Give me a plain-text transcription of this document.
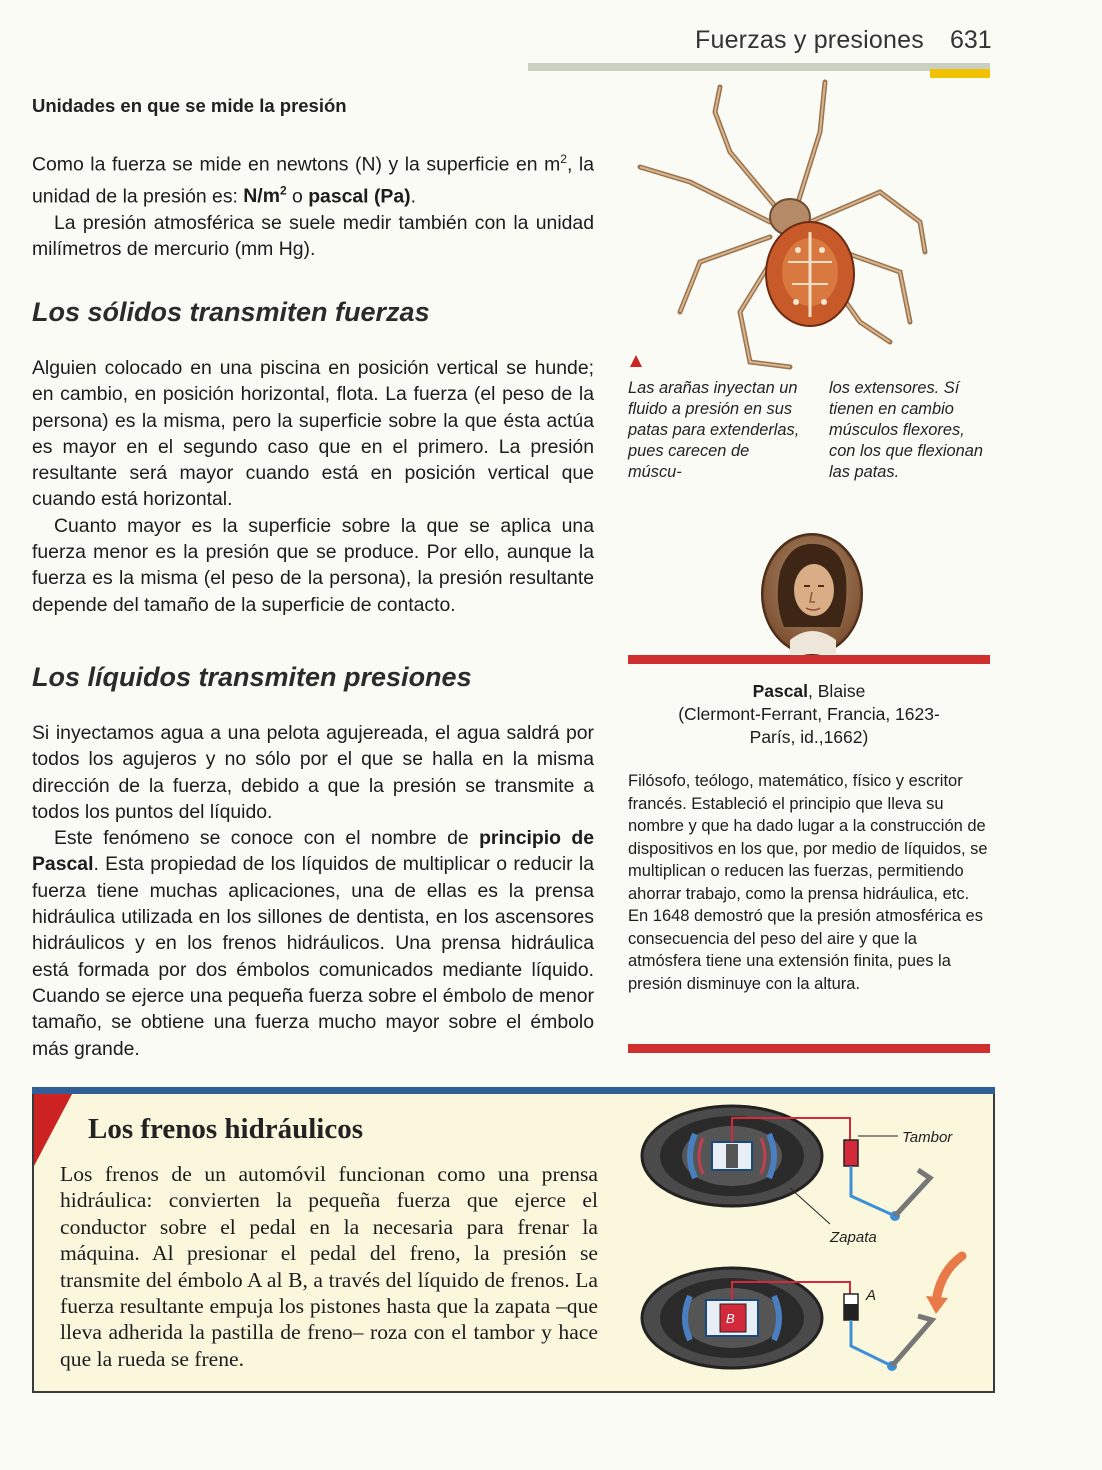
Fuerzas y presiones 631
Unidades en que se mide la presión

Como la fuerza se mide en newtons (N) y la superficie en $m^2$, la unidad de la presión es: $N/m^2$ o pascal (Pa).

La presión atmosférica se suele medir también con la unidad milímetros de mercurio (mm Hg).

Los sólidos transmiten fuerzas

Alguien colocado en una piscina en posición vertical se hunde; en cambio, en posición horizontal, flota. La fuerza (el peso de la persona) es la misma, pero la superficie sobre la que ésta actúa es mayor en el segundo caso que en el primero. La presión resultante será mayor cuando está en posición vertical que cuando está horizontal.

Cuanto mayor es la superficie sobre la que se aplica una fuerza menor es la presión que se produce. Por ello, aunque la fuerza es la misma (el peso de la persona), la presión resultante depende del tamaño de la superficie de contacto.

Los líquidos transmiten presiones

Si inyectamos agua a una pelota agujereada, el agua saldrá por todos los agujeros y no sólo por el que se halla en la misma dirección de la fuerza, debido a que la presión se transmite a todos los puntos del líquido.

Este fenómeno se conoce con el nombre de principio de Pascal. Esta propiedad de los líquidos de multiplicar o reducir la fuerza tiene muchas aplicaciones, una de ellas es la prensa hidráulica utilizada en los sillones de dentista, en los ascensores hidráulicos y en los frenos hidráulicos. Una prensa hidráulica está formada por dos émbolos comunicados mediante líquido. Cuando se ejerce una pequeña fuerza sobre el émbolo de menor tamaño, se obtiene una fuerza mucho mayor sobre el émbolo más grande.

Las arañas inyectan un fluido a presión en sus patas para extenderlas, pues carecen de múscu-
los extensores. Sí tienen en cambio músculos flexores, con los que flexionan las patas.
Pascal, Blaise
(Clermont-Ferrant, Francia, 1623- París, id.,1662)

Filósofo, teólogo, matemático, físico y escritor francés. Estableció el principio que lleva su nombre y que ha dado lugar a la construcción de dispositivos en los que, por medio de líquidos, se multiplican o reducen las fuerzas, permitiendo ahorrar trabajo, como la prensa hidráulica, etc.

En 1648 demostró que la presión atmosférica es consecuencia del peso del aire y que la atmósfera tiene una extensión finita, pues la presión disminuye con la altura.

Los frenos hidráulicos
Los frenos de un automóvil funcionan como una prensa hidráulica: convierten la pequeña fuerza que ejerce el conductor sobre el pedal en la necesaria para frenar la máquina. Al presionar el pedal del freno, la presión se transmite del émbolo A al B, a través del líquido de frenos. La fuerza resultante empuja los pistones hasta que la zapata –que lleva adherida la pastilla de freno– roza con el tambor y hace que la rueda se frene.
Tambor
Zapata
B
A
